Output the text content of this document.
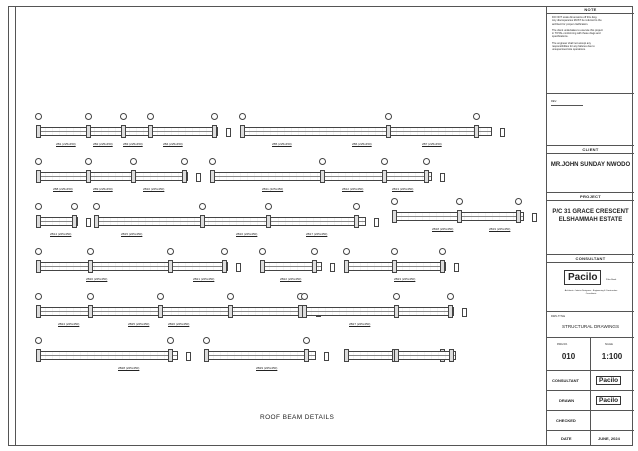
2B1 (225x450)	2B2 (225x450)	2B3 (225x450)	2B4 (225x450)	2B5 (225x450)	2B6 (225x450)	2B7 (225x450)
2B8 (225x450)	2B9 (225x450)	2B10 (225x450)	2B11 (225x450)	2B12 (225x450)	2B13 (225x450)
2B14 (225x450)	2B15 (225x450)	2B16 (225x450)	2B17 (225x450)
2B18 (225x450)	2B19 (225x450)
2B20 (225x450)	2B21 (225x450)	2B22 (225x450)	2B23 (225x450)
2B24 (225x450)	2B25 (225x450)	2B26 (225x450)	2B27 (225x450)
2B28 (225x450)	2B29 (225x450)
ROOF BEAM DETAILS
NOTE
DO NOT scale dimensions off this dwg.
Any discrepancies MUST be referred to the
architect for proper clarification.
The client undertakes to execute this project
in TOTAL conforming with these dwgs and
specifications.
The engineer shall not accept any
responsibilities for any failures due to
unsupervised site operations.
REV.
CLIENT
MR.JOHN SUNDAY NWODO
PROJECT
P/C 31 GRACE CRESCENT ELSHAMMAH ESTATE
CONSULTANT
Pacilo	Pilas Book
Architects - Interior Designers - Engineering & Construction Consultants
DWG TITLE
STRUCTURAL DRAWINGS
DWG NO.
010
SCALE
1:100
CONSULTANT	Pacilo
DRAWN	Pacilo
CHECKED
DATE	JUNE, 2024
